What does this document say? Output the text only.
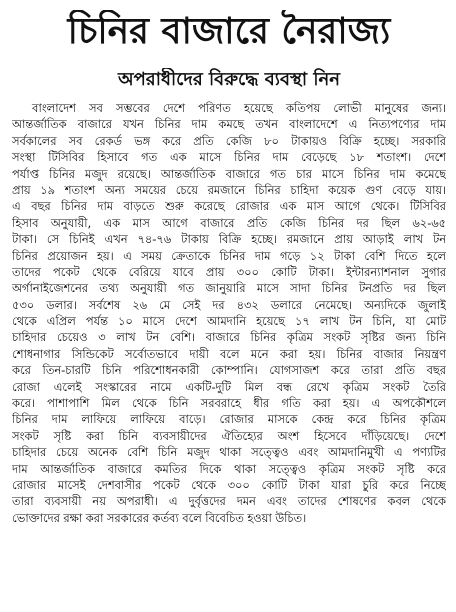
চিনির বাজারে নৈরাজ্য
অপরাধীদের বিরুদ্ধে ব্যবস্থা নিন
বাংলাদেশ সব সম্ভবের দেশে পরিণত হয়েছে কতিপয় লোভী মানুষের জন্য।
আন্তর্জাতিক বাজারে যখন চিনির দাম কমছে তখন বাংলাদেশে এ নিত্যপণ্যের দাম
সর্বকালের সব রেকর্ড ভঙ্গ করে প্রতি কেজি ৮০ টাকায়ও বিক্রি হচ্ছে। সরকারি
সংস্থা টিসিবির হিসাবে গত এক মাসে চিনির দাম বেড়েছে ১৮ শতাংশ। দেশে
পর্যাপ্ত চিনির মজুদ রয়েছে। আন্তর্জাতিক বাজারে গত চার মাসে চিনির দাম কমেছে
প্রায় ১৯ শতাংশ অন্য সময়ের চেয়ে রমজানে চিনির চাহিদা কয়েক গুণ বেড়ে যায়।
এ বছর চিনির দাম বাড়তে শুরু করেছে রোজার এক মাস আগে থেকে। টিসিবির
হিসাব অনুযায়ী, এক মাস আগে বাজারে প্রতি কেজি চিনির দর ছিল ৬২-৬৫
টাকা। সে চিনিই এখন ৭৪-৭৬ টাকায় বিক্রি হচ্ছে। রমজানে প্রায় আড়াই লাখ টন
চিনির প্রয়োজন হয়। এ সময় ক্রেতাকে চিনির দাম গড়ে ১২ টাকা বেশি দিতে হলে
তাদের পকেট থেকে বেরিয়ে যাবে প্রায় ৩০০ কোটি টাকা। ইন্টারন্যাশনাল সুগার
অর্গানাইজেশনের তথ্য অনুযায়ী গত জানুয়ারি মাসে সাদা চিনির টনপ্রতি দর ছিল
৫৩০ ডলার। সর্বশেষ ২৬ মে সেই দর ৪৩২ ডলারে নেমেছে। অন্যদিকে জুলাই
থেকে এপ্রিল পর্যন্ত ১০ মাসে দেশে আমদানি হয়েছে ১৭ লাখ টন চিনি, যা মোট
চাহিদার চেয়েও ৩ লাখ টন বেশি। বাজারে চিনির কৃত্রিম সংকট সৃষ্টির জন্য চিনি
শোধনাগার সিন্ডিকেট সর্বোতভাবে দায়ী বলে মনে করা হয়। চিনির বাজার নিয়ন্ত্রণ
করে তিন-চারটি চিনি পরিশোধনকারী কোম্পানি। যোগসাজশ করে তারা প্রতি বছর
রোজা এলেই সংস্কারের নামে একটি-দুটি মিল বন্ধ রেখে কৃত্রিম সংকট তৈরি
করে। পাশাপাশি মিল থেকে চিনি সরবরাহে ধীর গতি করা হয়। এ অপকৌশলে
চিনির দাম লাফিয়ে লাফিয়ে বাড়ে। রোজার মাসকে কেন্দ্র করে চিনির কৃত্রিম
সংকট সৃষ্টি করা চিনি ব্যবসায়ীদের ঐতিহ্যের অংশ হিসেবে দাঁড়িয়েছে। দেশে
চাহিদার চেয়ে অনেক বেশি চিনি মজুদ থাকা সত্ত্বেও এবং আমদানিমুখী এ পণ্যটির
দাম আন্তর্জাতিক বাজারে কমতির দিকে থাকা সত্ত্বেও কৃত্রিম সংকট সৃষ্টি করে
রোজার মাসেই দেশবাসীর পকেট থেকে ৩০০ কোটি টাকা যারা চুরি করে নিচ্ছে
তারা ব্যবসায়ী নয় অপরাধী। এ দুর্বৃত্তদের দমন এবং তাদের শোষণের কবল থেকে
ভোক্তাদের রক্ষা করা সরকারের কর্তব্য বলে বিবেচিত হওয়া উচিত।
